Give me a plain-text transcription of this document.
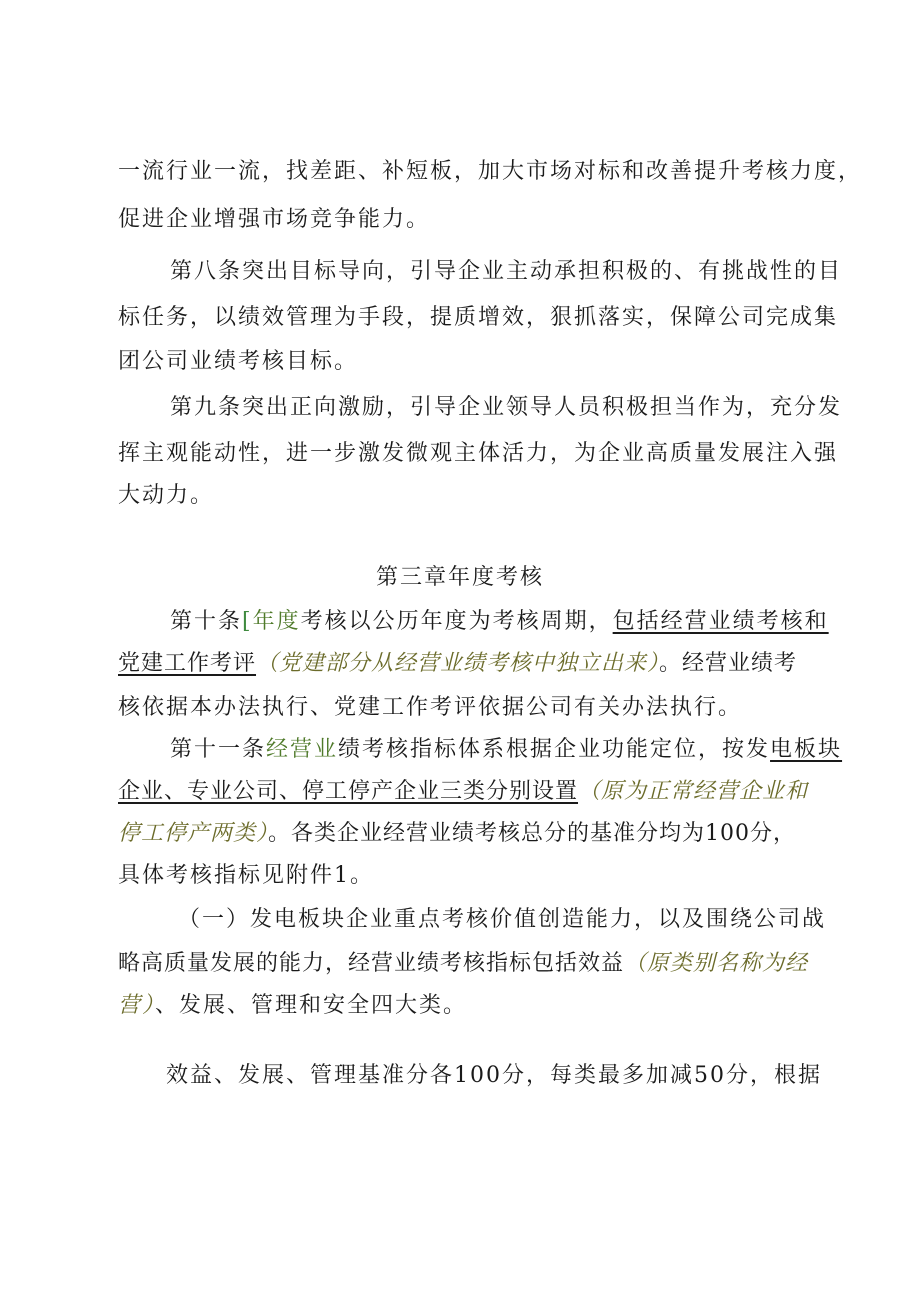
一流行业一流，找差距、补短板，加大市场对标和改善提升考核力度，
促进企业增强市场竞争能力。
第八条突出目标导向，引导企业主动承担积极的、有挑战性的目
标任务，以绩效管理为手段，提质增效，狠抓落实，保障公司完成集
团公司业绩考核目标。
第九条突出正向激励，引导企业领导人员积极担当作为，充分发
挥主观能动性，进一步激发微观主体活力，为企业高质量发展注入强
大动力。
第三章年度考核
第十条[年度考核以公历年度为考核周期，包括经营业绩考核和
党建工作考评（党建部分从经营业绩考核中独立出来）。经营业绩考
核依据本办法执行、党建工作考评依据公司有关办法执行。
第十一条经营业绩考核指标体系根据企业功能定位，按发电板块
企业、专业公司、停工停产企业三类分别设置（原为正常经营企业和
停工停产两类）。各类企业经营业绩考核总分的基准分均为100分，
具体考核指标见附件1。
（一）发电板块企业重点考核价值创造能力，以及围绕公司战
略高质量发展的能力，经营业绩考核指标包括效益（原类别名称为经
营）、发展、管理和安全四大类。
效益、发展、管理基准分各100分，每类最多加减50分，根据
